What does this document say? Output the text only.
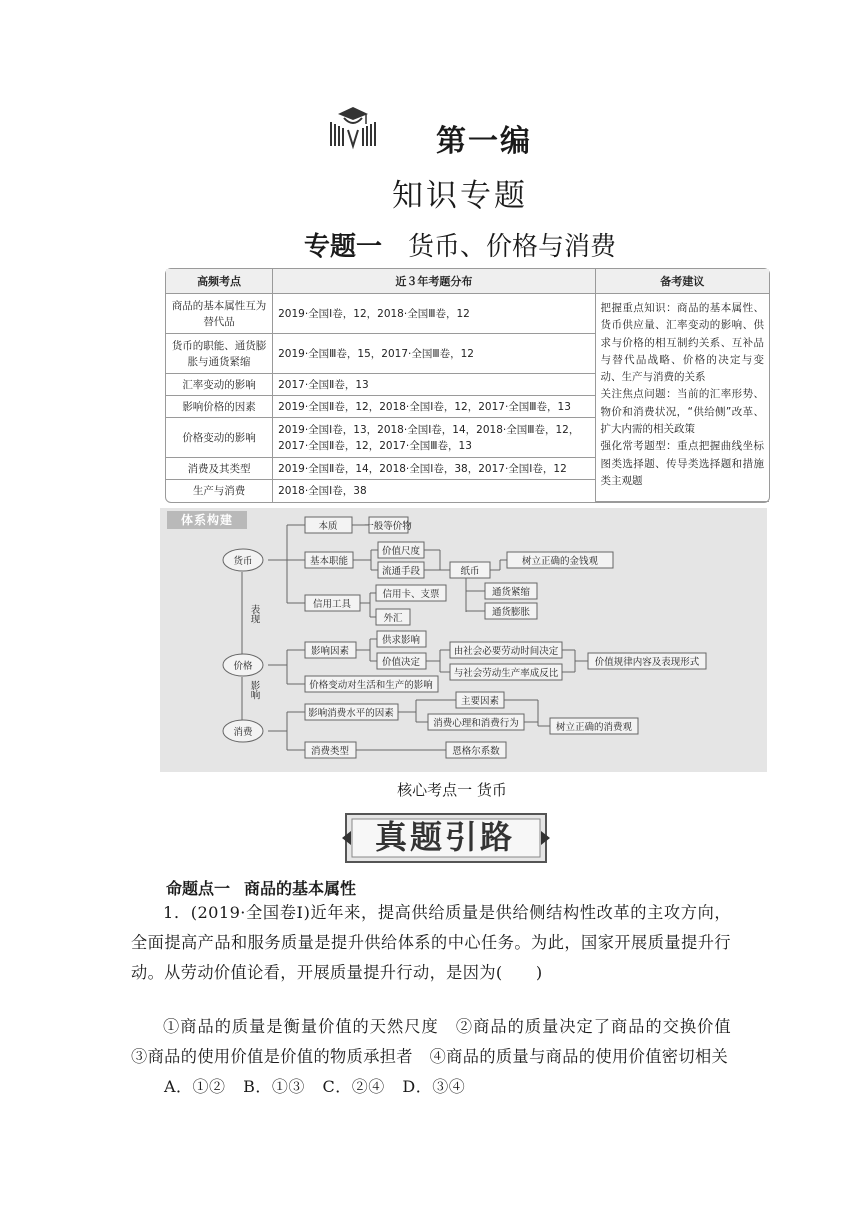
第一编
知识专题
专题一 货币、价格与消费
高频考点	近３年考题分布	备考建议
商品的基本属性互为替代品	2019·全国Ⅰ卷，12，2018·全国Ⅲ卷，12	把握重点知识：商品的基本属性、货币供应量、汇率变动的影响、供求与价格的相互制约关系、互补品与替代品战略、价格的决定与变动、生产与消费的关系
关注焦点问题：当前的汇率形势、物价和消费状况，“供给侧”改革、扩大内需的相关政策
强化常考题型：重点把握曲线坐标图类选择题、传导类选择题和措施类主观题
货币的职能、通货膨胀与通货紧缩	2019·全国Ⅲ卷，15，2017·全国Ⅲ卷，12	
汇率变动的影响	2017·全国Ⅱ卷，13	
影响价格的因素	2019·全国Ⅱ卷，12，2018·全国Ⅰ卷，12，2017·全国Ⅲ卷，13	
价格变动的影响	2019·全国Ⅰ卷，13，2018·全国Ⅰ卷，14，2018·全国Ⅲ卷，12，2017·全国Ⅱ卷，12，2017·全国Ⅲ卷，13	
消费及其类型	2019·全国Ⅱ卷，14，2018·全国Ⅰ卷，38，2017·全国Ⅰ卷，12	
生产与消费	2018·全国Ⅰ卷，38	
体系构建
货币
价格
消费
表现
影响
本质	一般等价物
基本职能
价值尺度
流通手段	纸币
树立正确的金钱观
通货紧缩
通货膨胀
信用工具
信用卡、支票
外汇
影响因素
供求影响
价值决定
由社会必要劳动时间决定
与社会劳动生产率成反比
价值规律内容及表现形式
价格变动对生活和生产的影响
影响消费水平的因素
主要因素
消费心理和消费行为	树立正确的消费观
消费类型	恩格尔系数
核心考点一 货币
真题引路
命题点一 商品的基本属性
1．(2019·全国卷Ⅰ)近年来，提高供给质量是供给侧结构性改革的主攻方向，全面提高产品和服务质量是提升供给体系的中心任务。为此，国家开展质量提升行动。从劳动价值论看，开展质量提升行动，是因为(　　)
①商品的质量是衡量价值的天然尺度　②商品的质量决定了商品的交换价值　③商品的使用价值是价值的物质承担者　④商品的质量与商品的使用价值密切相关
A．①② B．①③ C．②④ D．③④
